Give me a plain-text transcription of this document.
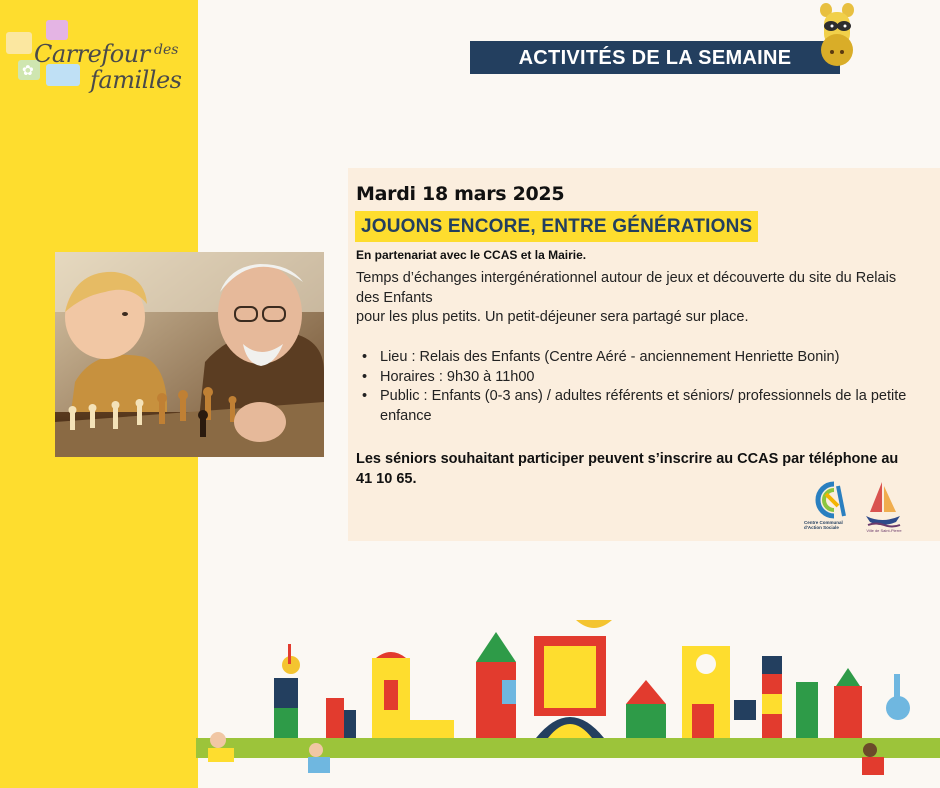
✿
Carrefour des
familles
ACTIVITÉS DE LA SEMAINE
Mardi 18 mars 2025
JOUONS ENCORE, ENTRE GÉNÉRATIONS
En partenariat avec le CCAS et la Mairie.
Temps d’échanges intergénérationnel autour de jeux et découverte du site du Relais des Enfants
pour les plus petits. Un petit-déjeuner sera partagé sur place.
• Lieu : Relais des Enfants (Centre Aéré - anciennement Henriette Bonin)
• Horaires : 9h30 à 11h00
• Public : Enfants (0-3 ans) / adultes référents et séniors/ professionnels de la petite enfance
Les séniors souhaitant participer peuvent s’inscrire au CCAS par téléphone au 41 10 65.
Centre Communal d'Action Sociale
Ville de Saint-Pierre
